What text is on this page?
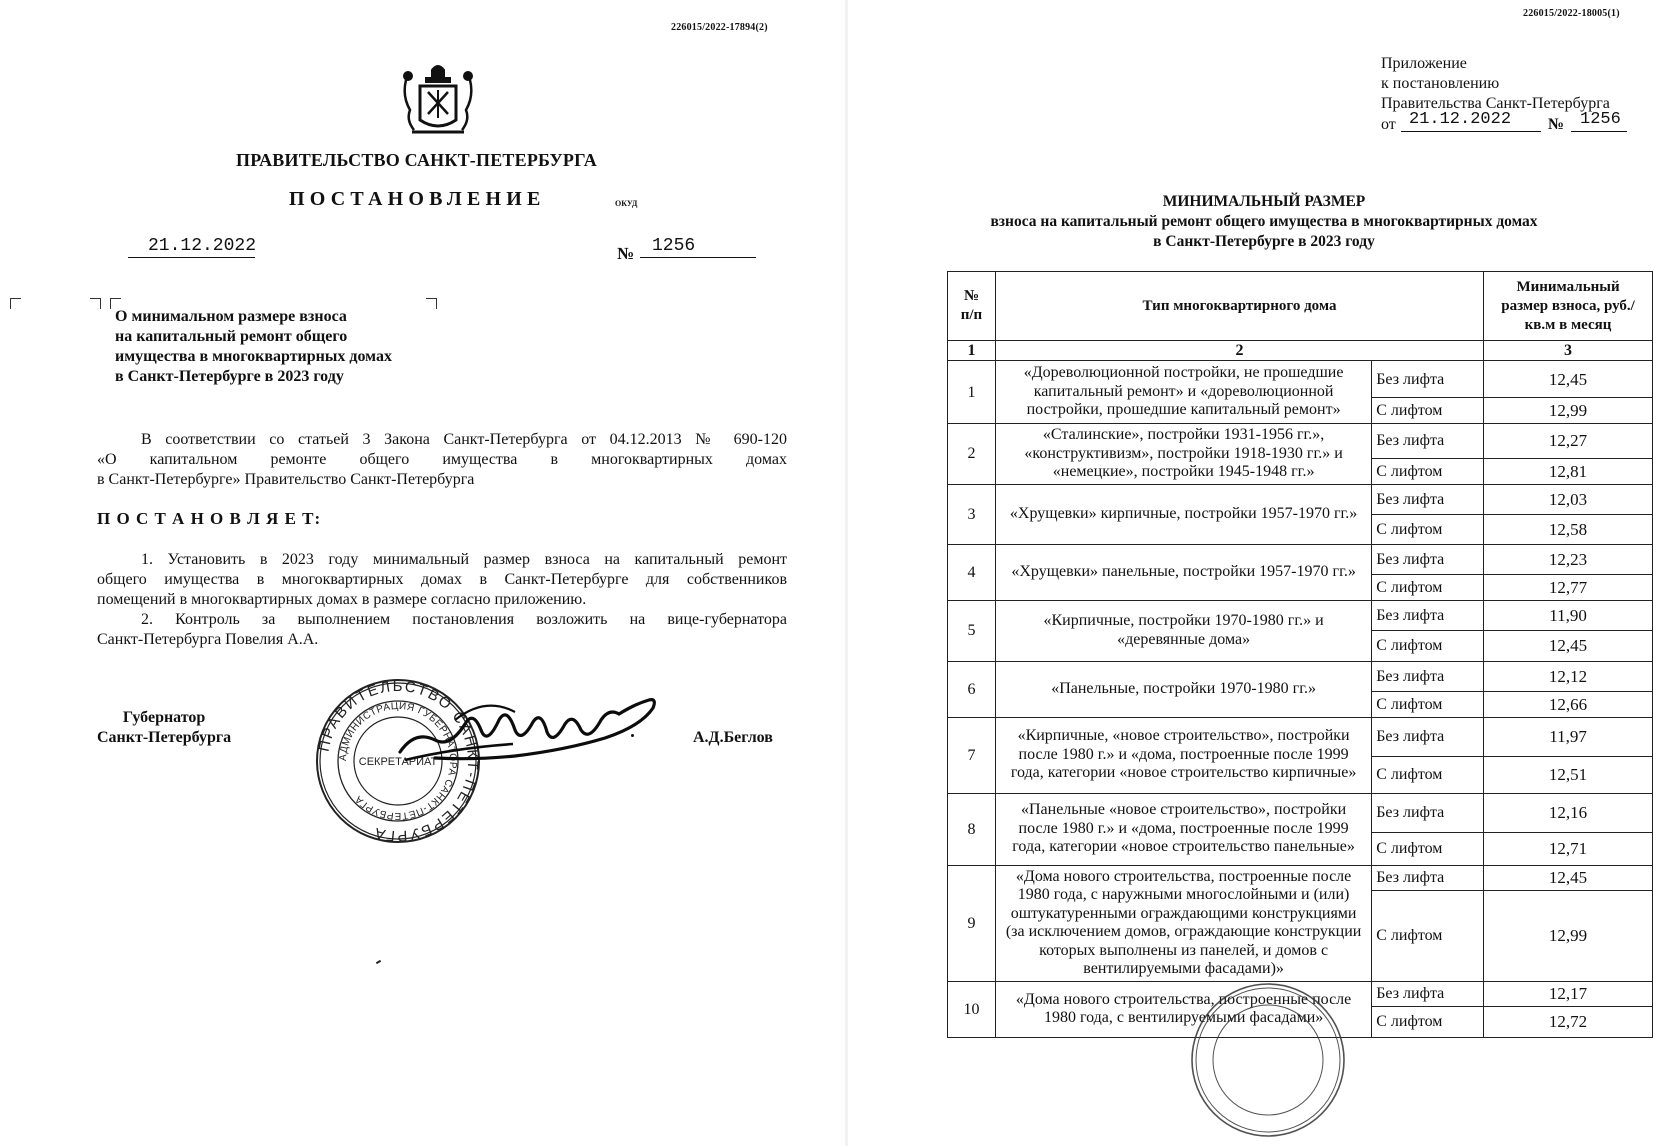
226015/2022-17894(2)
ПРАВИТЕЛЬСТВО САНКТ-ПЕТЕРБУРГА
ПОСТАНОВЛЕНИЕ	ОКУД
21.12.2022	№ 1256
О минимальном размере взноса
на капитальный ремонт общего
имущества в многоквартирных домах
в Санкт-Петербурге в 2023 году
В соответствии со статьей 3 Закона Санкт-Петербурга от 04.12.2013 № 690-120
«О капитальном ремонте общего имущества в многоквартирных домах
в Санкт-Петербурге» Правительство Санкт-Петербурга
П О С Т А Н О В Л Я Е Т:
1. Установить в 2023 году минимальный размер взноса на капитальный ремонт
общего имущества в многоквартирных домах в Санкт-Петербурге для собственников
помещений в многоквартирных домах в размере согласно приложению.
2. Контроль за выполнением постановления возложить на вице-губернатора
Санкт-Петербурга Повелия А.А.
Губернатор
Санкт-Петербурга	А.Д.Беглов
ПРАВИТЕЛЬСТВО САНКТ-ПЕТЕРБУРГА
АДМИНИСТРАЦИЯ ГУБЕРНАТОРА САНКТ-ПЕТЕРБУРГА
СЕКРЕТАРИАТ
226015/2022-18005(1)
Приложение
к постановлению
Правительства Санкт-Петербурга
от 21.12.2022 № 1256
МИНИМАЛЬНЫЙ РАЗМЕР
взноса на капитальный ремонт общего имущества в многоквартирных домах
в Санкт-Петербурге в 2023 году
№ п/п	Тип многоквартирного дома		Минимальный размер взноса, руб./кв.м в месяц
1	2		3
1	«Дореволюционной постройки, не прошедшие капитальный ремонт» и «дореволюционной постройки, прошедшие капитальный ремонт»	Без лифта	12,45
		С лифтом	12,99
2	«Сталинские», постройки 1931-1956 гг.», «конструктивизм», постройки 1918-1930 гг.» и «немецкие», постройки 1945-1948 гг.»	Без лифта	12,27
		С лифтом	12,81
3	«Хрущевки» кирпичные, постройки 1957-1970 гг.»	Без лифта	12,03
		С лифтом	12,58
4	«Хрущевки» панельные, постройки 1957-1970 гг.»	Без лифта	12,23
		С лифтом	12,77
5	«Кирпичные, постройки 1970-1980 гг.» и «деревянные дома»	Без лифта	11,90
		С лифтом	12,45
6	«Панельные, постройки 1970-1980 гг.»	Без лифта	12,12
		С лифтом	12,66
7	«Кирпичные, «новое строительство», постройки после 1980 г.» и «дома, построенные после 1999 года, категории «новое строительство кирпичные»	Без лифта	11,97
		С лифтом	12,51
8	«Панельные «новое строительство», постройки после 1980 г.» и «дома, построенные после 1999 года, категории «новое строительство панельные»	Без лифта	12,16
		С лифтом	12,71
9	«Дома нового строительства, построенные после 1980 года, с наружными многослойными и (или) оштукатуренными ограждающими конструкциями (за исключением домов, ограждающие конструкции которых выполнены из панелей, и домов с вентилируемыми фасадами)»	Без лифта	12,45
		С лифтом	12,99
10	«Дома нового строительства, построенные после 1980 года, с вентилируемыми фасадами»	Без лифта	12,17
		С лифтом	12,72
